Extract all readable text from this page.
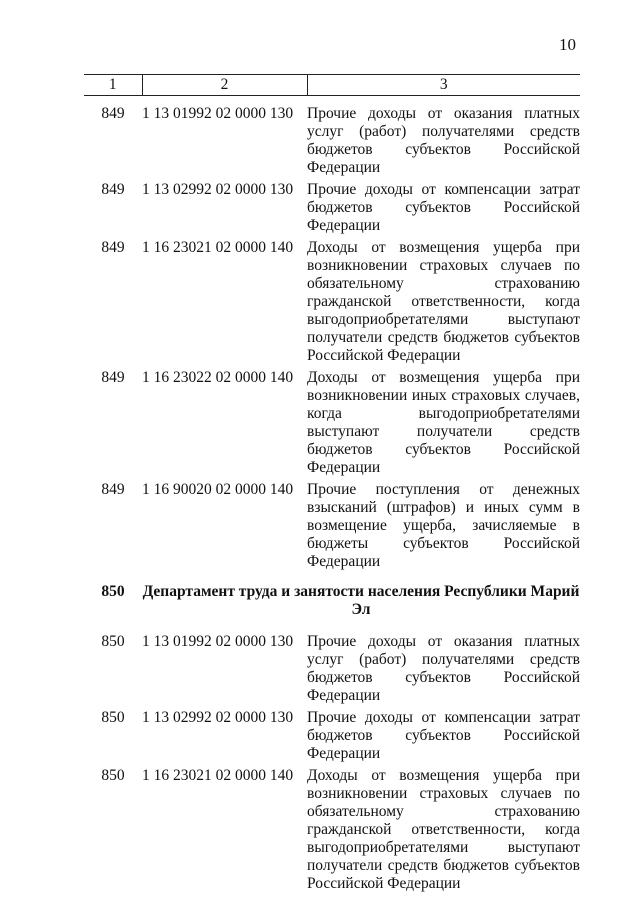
10
1	2	3

849	1 13 01992 02 0000 130	Прочие доходы от оказания платных услуг (работ) получателями средств бюджетов субъектов Российской Федерации
849	1 13 02992 02 0000 130	Прочие доходы от компенсации затрат бюджетов субъектов Российской Федерации
849	1 16 23021 02 0000 140	Доходы от возмещения ущерба при возникновении страховых случаев по обязательному страхованию гражданской ответственности, когда выгодоприобретателями выступают получатели средств бюджетов субъектов Российской Федерации
849	1 16 23022 02 0000 140	Доходы от возмещения ущерба при возникновении иных страховых случаев, когда выгодоприобретателями выступают получатели средств бюджетов субъектов Российской Федерации
849	1 16 90020 02 0000 140	Прочие поступления от денежных взысканий (штрафов) и иных сумм в возмещение ущерба, зачисляемые в бюджеты субъектов Российской Федерации
850	Департамент труда и занятости населения Республики Марий Эл	
850	1 13 01992 02 0000 130	Прочие доходы от оказания платных услуг (работ) получателями средств бюджетов субъектов Российской Федерации
850	1 13 02992 02 0000 130	Прочие доходы от компенсации затрат бюджетов субъектов Российской Федерации
850	1 16 23021 02 0000 140	Доходы от возмещения ущерба при возникновении страховых случаев по обязательному страхованию гражданской ответственности, когда выгодоприобретателями выступают получатели средств бюджетов субъектов Российской Федерации
